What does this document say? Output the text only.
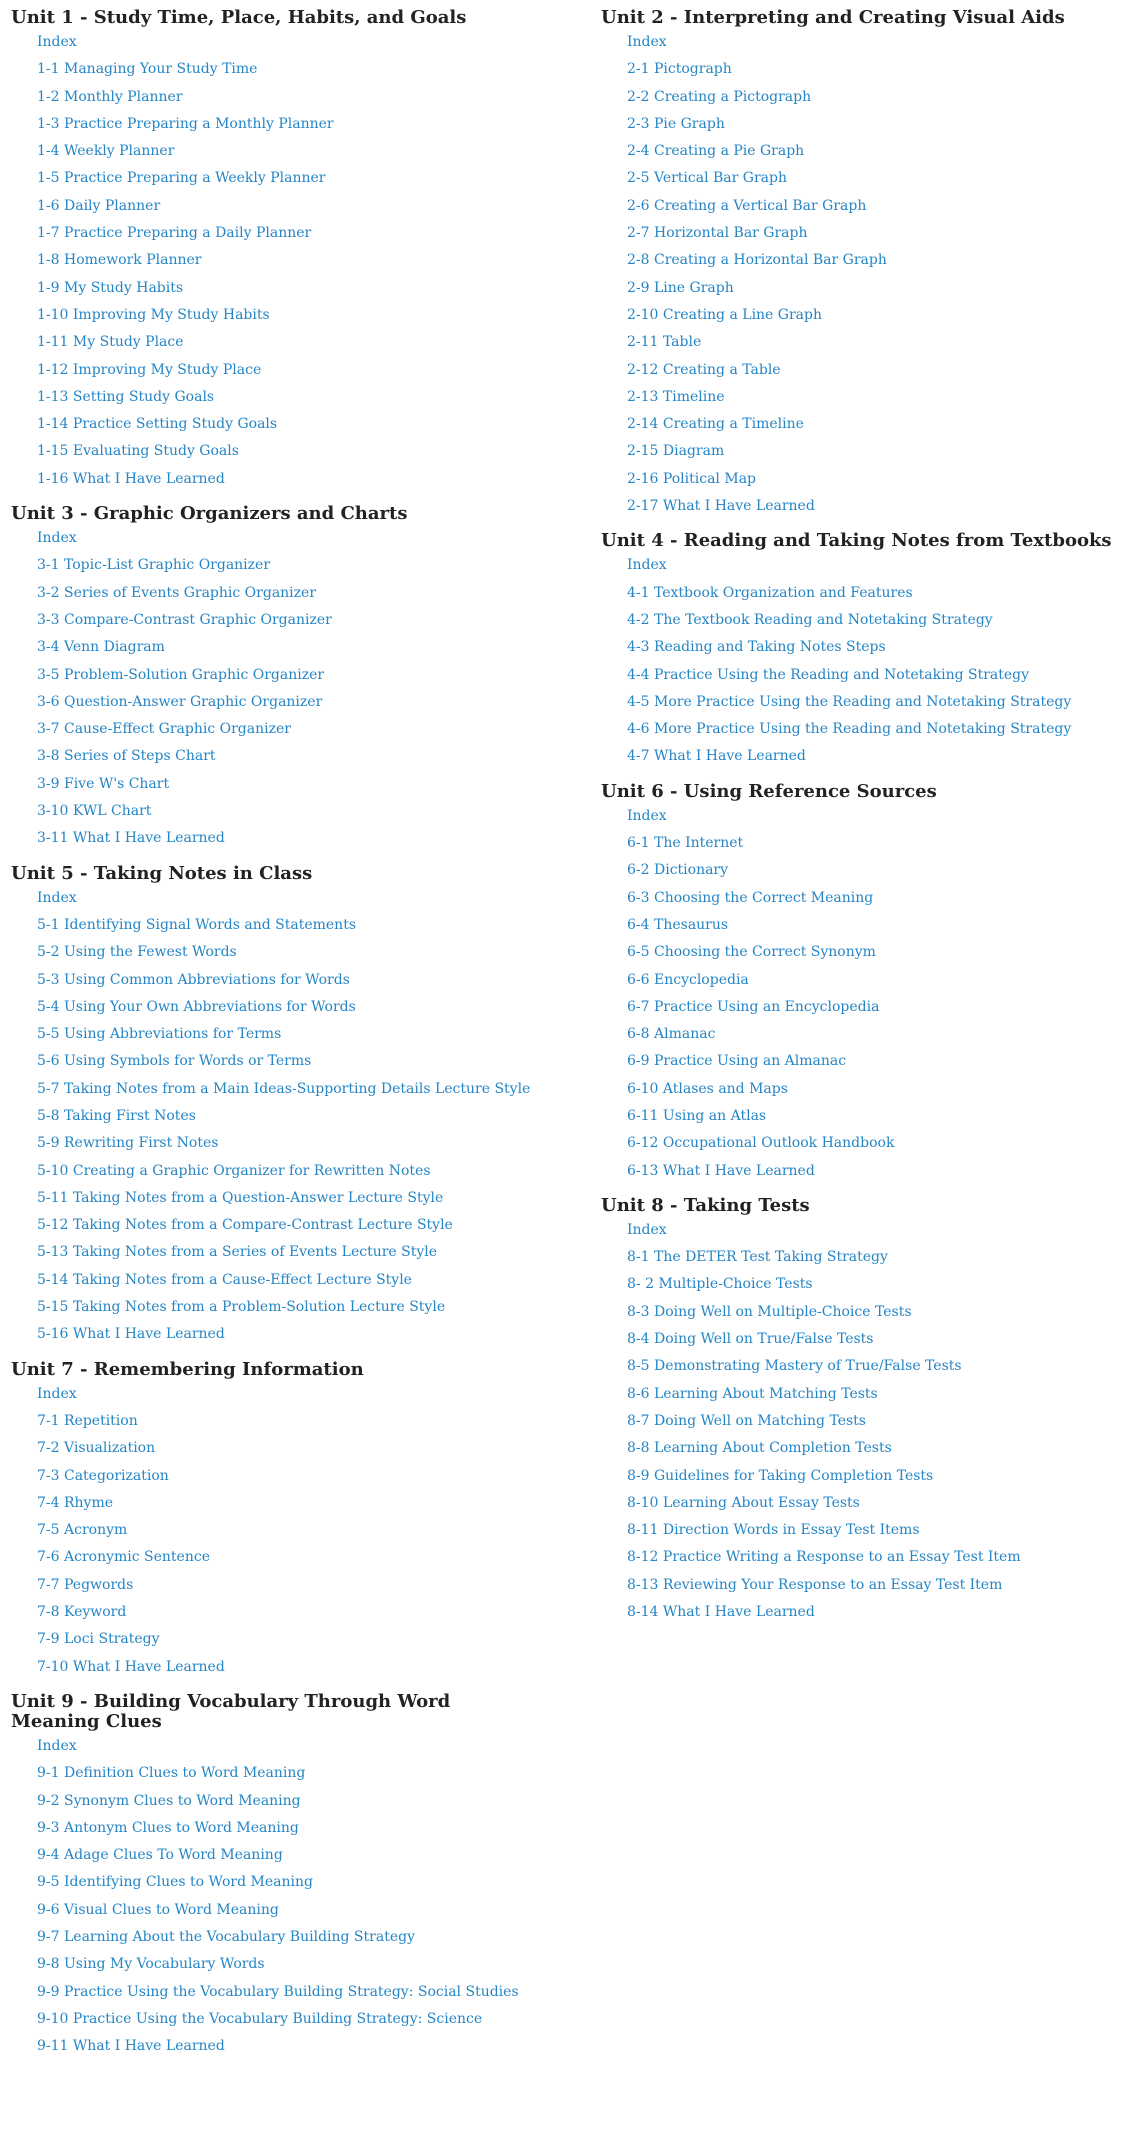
Unit 1 - Study Time, Place, Habits, and Goals
Index
1-1 Managing Your Study Time
1-2 Monthly Planner
1-3 Practice Preparing a Monthly Planner
1-4 Weekly Planner
1-5 Practice Preparing a Weekly Planner
1-6 Daily Planner
1-7 Practice Preparing a Daily Planner
1-8 Homework Planner
1-9 My Study Habits
1-10 Improving My Study Habits
1-11 My Study Place
1-12 Improving My Study Place
1-13 Setting Study Goals
1-14 Practice Setting Study Goals
1-15 Evaluating Study Goals
1-16 What I Have Learned
Unit 3 - Graphic Organizers and Charts
Index
3-1 Topic-List Graphic Organizer
3-2 Series of Events Graphic Organizer
3-3 Compare-Contrast Graphic Organizer
3-4 Venn Diagram
3-5 Problem-Solution Graphic Organizer
3-6 Question-Answer Graphic Organizer
3-7 Cause-Effect Graphic Organizer
3-8 Series of Steps Chart
3-9 Five W's Chart
3-10 KWL Chart
3-11 What I Have Learned
Unit 5 - Taking Notes in Class
Index
5-1 Identifying Signal Words and Statements
5-2 Using the Fewest Words
5-3 Using Common Abbreviations for Words
5-4 Using Your Own Abbreviations for Words
5-5 Using Abbreviations for Terms
5-6 Using Symbols for Words or Terms
5-7 Taking Notes from a Main Ideas-Supporting Details Lecture Style
5-8 Taking First Notes
5-9 Rewriting First Notes
5-10 Creating a Graphic Organizer for Rewritten Notes
5-11 Taking Notes from a Question-Answer Lecture Style
5-12 Taking Notes from a Compare-Contrast Lecture Style
5-13 Taking Notes from a Series of Events Lecture Style
5-14 Taking Notes from a Cause-Effect Lecture Style
5-15 Taking Notes from a Problem-Solution Lecture Style
5-16 What I Have Learned
Unit 7 - Remembering Information
Index
7-1 Repetition
7-2 Visualization
7-3 Categorization
7-4 Rhyme
7-5 Acronym
7-6 Acronymic Sentence
7-7 Pegwords
7-8 Keyword
7-9 Loci Strategy
7-10 What I Have Learned
Unit 9 - Building Vocabulary Through Word Meaning Clues
Index
9-1 Definition Clues to Word Meaning
9-2 Synonym Clues to Word Meaning
9-3 Antonym Clues to Word Meaning
9-4 Adage Clues To Word Meaning
9-5 Identifying Clues to Word Meaning
9-6 Visual Clues to Word Meaning
9-7 Learning About the Vocabulary Building Strategy
9-8 Using My Vocabulary Words
9-9 Practice Using the Vocabulary Building Strategy: Social Studies
9-10 Practice Using the Vocabulary Building Strategy: Science
9-11 What I Have Learned
Unit 2 - Interpreting and Creating Visual Aids
Index
2-1 Pictograph
2-2 Creating a Pictograph
2-3 Pie Graph
2-4 Creating a Pie Graph
2-5 Vertical Bar Graph
2-6 Creating a Vertical Bar Graph
2-7 Horizontal Bar Graph
2-8 Creating a Horizontal Bar Graph
2-9 Line Graph
2-10 Creating a Line Graph
2-11 Table
2-12 Creating a Table
2-13 Timeline
2-14 Creating a Timeline
2-15 Diagram
2-16 Political Map
2-17 What I Have Learned
Unit 4 - Reading and Taking Notes from Textbooks
Index
4-1 Textbook Organization and Features
4-2 The Textbook Reading and Notetaking Strategy
4-3 Reading and Taking Notes Steps
4-4 Practice Using the Reading and Notetaking Strategy
4-5 More Practice Using the Reading and Notetaking Strategy
4-6 More Practice Using the Reading and Notetaking Strategy
4-7 What I Have Learned
Unit 6 - Using Reference Sources
Index
6-1 The Internet
6-2 Dictionary
6-3 Choosing the Correct Meaning
6-4 Thesaurus
6-5 Choosing the Correct Synonym
6-6 Encyclopedia
6-7 Practice Using an Encyclopedia
6-8 Almanac
6-9 Practice Using an Almanac
6-10 Atlases and Maps
6-11 Using an Atlas
6-12 Occupational Outlook Handbook
6-13 What I Have Learned
Unit 8 - Taking Tests
Index
8-1 The DETER Test Taking Strategy
8- 2 Multiple-Choice Tests
8-3 Doing Well on Multiple-Choice Tests
8-4 Doing Well on True/False Tests
8-5 Demonstrating Mastery of True/False Tests
8-6 Learning About Matching Tests
8-7 Doing Well on Matching Tests
8-8 Learning About Completion Tests
8-9 Guidelines for Taking Completion Tests
8-10 Learning About Essay Tests
8-11 Direction Words in Essay Test Items
8-12 Practice Writing a Response to an Essay Test Item
8-13 Reviewing Your Response to an Essay Test Item
8-14 What I Have Learned
